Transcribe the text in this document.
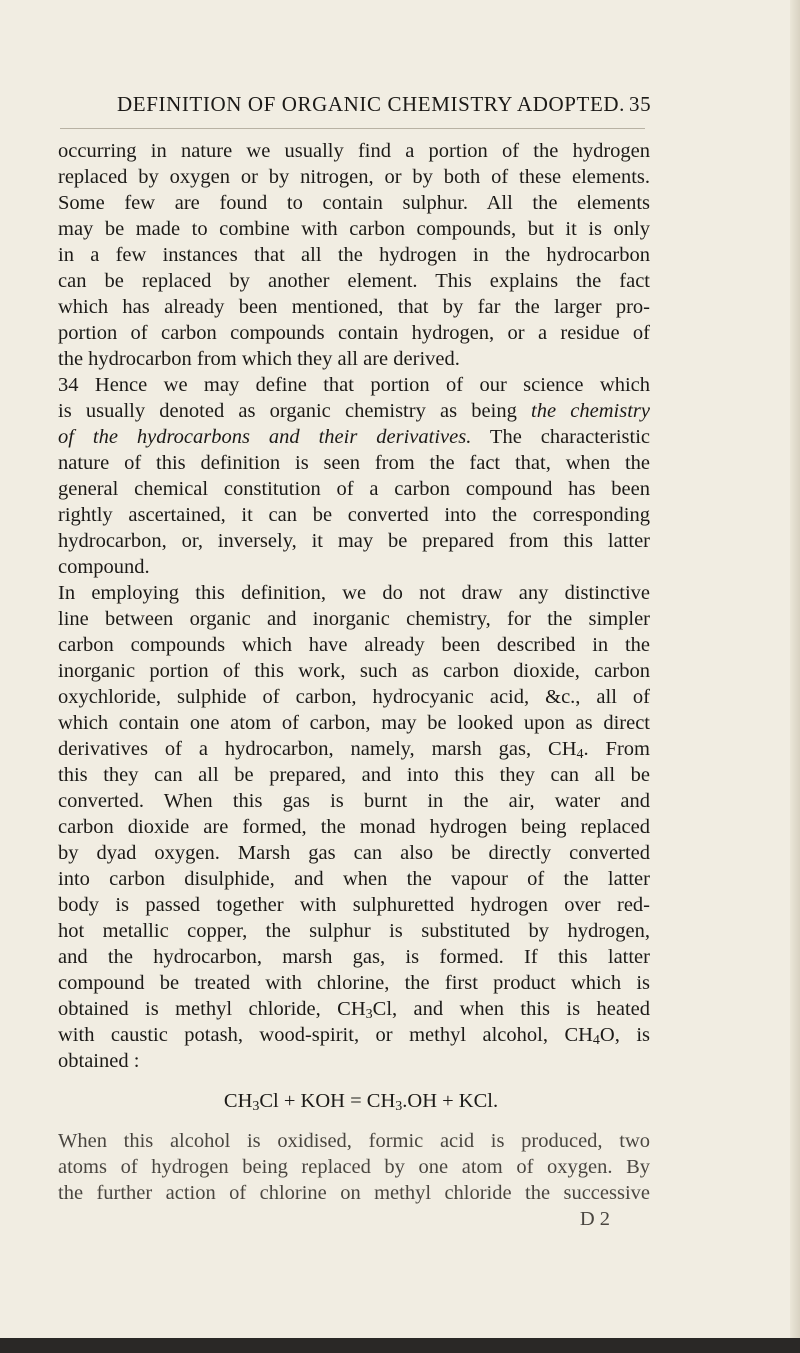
DEFINITION OF ORGANIC CHEMISTRY ADOPTED. 35
occurring in nature we usually find a portion of the hydrogen
replaced by oxygen or by nitrogen, or by both of these elements.
Some few are found to contain sulphur. All the elements
may be made to combine with carbon compounds, but it is only
in a few instances that all the hydrogen in the hydrocarbon
can be replaced by another element. This explains the fact
which has already been mentioned, that by far the larger pro-
portion of carbon compounds contain hydrogen, or a residue of
the hydrocarbon from which they all are derived.
34 Hence we may define that portion of our science which
is usually denoted as organic chemistry as being the chemistry
of the hydrocarbons and their derivatives. The characteristic
nature of this definition is seen from the fact that, when the
general chemical constitution of a carbon compound has been
rightly ascertained, it can be converted into the corresponding
hydrocarbon, or, inversely, it may be prepared from this latter
compound.
In employing this definition, we do not draw any distinctive
line between organic and inorganic chemistry, for the simpler
carbon compounds which have already been described in the
inorganic portion of this work, such as carbon dioxide, carbon
oxychloride, sulphide of carbon, hydrocyanic acid, &c., all of
which contain one atom of carbon, may be looked upon as direct
derivatives of a hydrocarbon, namely, marsh gas, $CH_4$. From
this they can all be prepared, and into this they can all be
converted. When this gas is burnt in the air, water and
carbon dioxide are formed, the monad hydrogen being replaced
by dyad oxygen. Marsh gas can also be directly converted
into carbon disulphide, and when the vapour of the latter
body is passed together with sulphuretted hydrogen over red-
hot metallic copper, the sulphur is substituted by hydrogen,
and the hydrocarbon, marsh gas, is formed. If this latter
compound be treated with chlorine, the first product which is
obtained is methyl chloride, $CH_3Cl$, and when this is heated
with caustic potash, wood-spirit, or methyl alcohol, $CH_4O$, is
obtained :
$CH_3Cl$ + KOH = $CH_3.OH$ + KCl.
When this alcohol is oxidised, formic acid is produced, two
atoms of hydrogen being replaced by one atom of oxygen. By
the further action of chlorine on methyl chloride the successive
D 2
